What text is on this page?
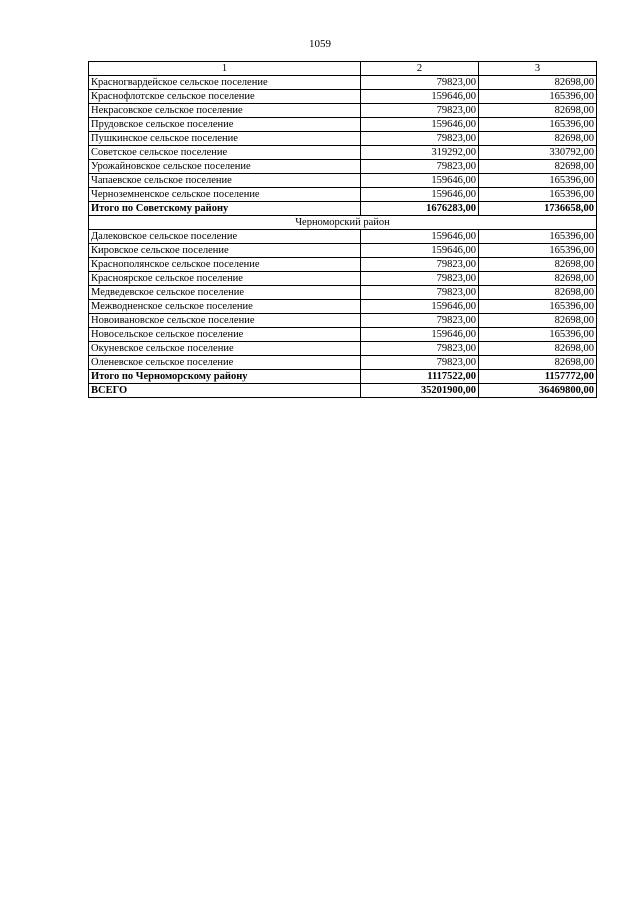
1059
1	2	3
Красногвардейское сельское поселение	79823,00	82698,00
Краснофлотское сельское поселение	159646,00	165396,00
Некрасовское сельское поселение	79823,00	82698,00
Прудовское сельское поселение	159646,00	165396,00
Пушкинское сельское поселение	79823,00	82698,00
Советское сельское поселение	319292,00	330792,00
Урожайновское сельское поселение	79823,00	82698,00
Чапаевское сельское поселение	159646,00	165396,00
Черноземненское сельское поселение	159646,00	165396,00
Итого по Советскому району	1676283,00	1736658,00
Черноморский район		
Далековское сельское поселение	159646,00	165396,00
Кировское сельское поселение	159646,00	165396,00
Краснополянское сельское поселение	79823,00	82698,00
Красноярское сельское поселение	79823,00	82698,00
Медведевское сельское поселение	79823,00	82698,00
Межводненское сельское поселение	159646,00	165396,00
Новоивановское сельское поселение	79823,00	82698,00
Новосельское сельское поселение	159646,00	165396,00
Окуневское сельское поселение	79823,00	82698,00
Оленевское сельское поселение	79823,00	82698,00
Итого по Черноморскому району	1117522,00	1157772,00
ВСЕГО	35201900,00	36469800,00
